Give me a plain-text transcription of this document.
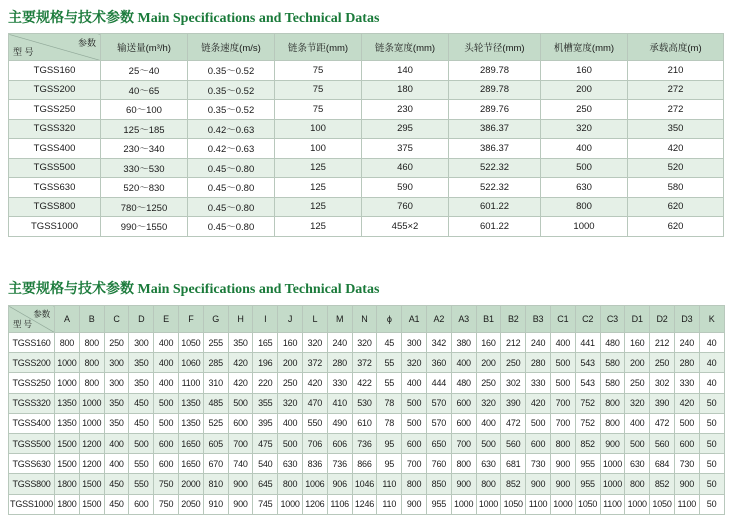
主要规格与技术参数 Main Specifications and Technical Datas
参数
型 号	输送量(m³/h)	链条速度(m/s)	链条节距(mm)	链条宽度(mm)	头轮节径(mm)	机槽宽度(mm)	承载高度(m)
TGSS160	25～40	0.35～0.52	75	140	289.78	160	210
TGSS200	40～65	0.35～0.52	75	180	289.78	200	272
TGSS250	60～100	0.35～0.52	75	230	289.76	250	272
TGSS320	125～185	0.42～0.63	100	295	386.37	320	350
TGSS400	230～340	0.42～0.63	100	375	386.37	400	420
TGSS500	330～530	0.45～0.80	125	460	522.32	500	520
TGSS630	520～830	0.45～0.80	125	590	522.32	630	580
TGSS800	780～1250	0.45～0.80	125	760	601.22	800	620
TGSS1000	990～1550	0.45～0.80	125	455×2	601.22	1000	620
主要规格与技术参数 Main Specifications and Technical Datas
参数
型 号	A	B	C	D	E	F	G	H	I	J	L	M	N	ϕ	A1	A2	A3	B1	B2	B3	C1	C2	C3	D1	D2	D3	K
TGSS160	800	800	250	300	400	1050	255	350	165	160	320	240	320	45	300	342	380	160	212	240	400	441	480	160	212	240	40
TGSS200	1000	800	300	350	400	1060	285	420	196	200	372	280	372	55	320	360	400	200	250	280	500	543	580	200	250	280	40
TGSS250	1000	800	300	350	400	1100	310	420	220	250	420	330	422	55	400	444	480	250	302	330	500	543	580	250	302	330	40
TGSS320	1350	1000	350	450	500	1350	485	500	355	320	470	410	530	78	500	570	600	320	390	420	700	752	800	320	390	420	50
TGSS400	1350	1000	350	450	500	1350	525	600	395	400	550	490	610	78	500	570	600	400	472	500	700	752	800	400	472	500	50
TGSS500	1500	1200	400	500	600	1650	605	700	475	500	706	606	736	95	600	650	700	500	560	600	800	852	900	500	560	600	50
TGSS630	1500	1200	400	550	600	1650	670	740	540	630	836	736	866	95	700	760	800	630	681	730	900	955	1000	630	684	730	50
TGSS800	1800	1500	450	550	750	2000	810	900	645	800	1006	906	1046	110	800	850	900	800	852	900	900	955	1000	800	852	900	50
TGSS1000	1800	1500	450	600	750	2050	910	900	745	1000	1206	1106	1246	110	900	955	1000	1000	1050	1100	1000	1050	1100	1000	1050	1100	50
